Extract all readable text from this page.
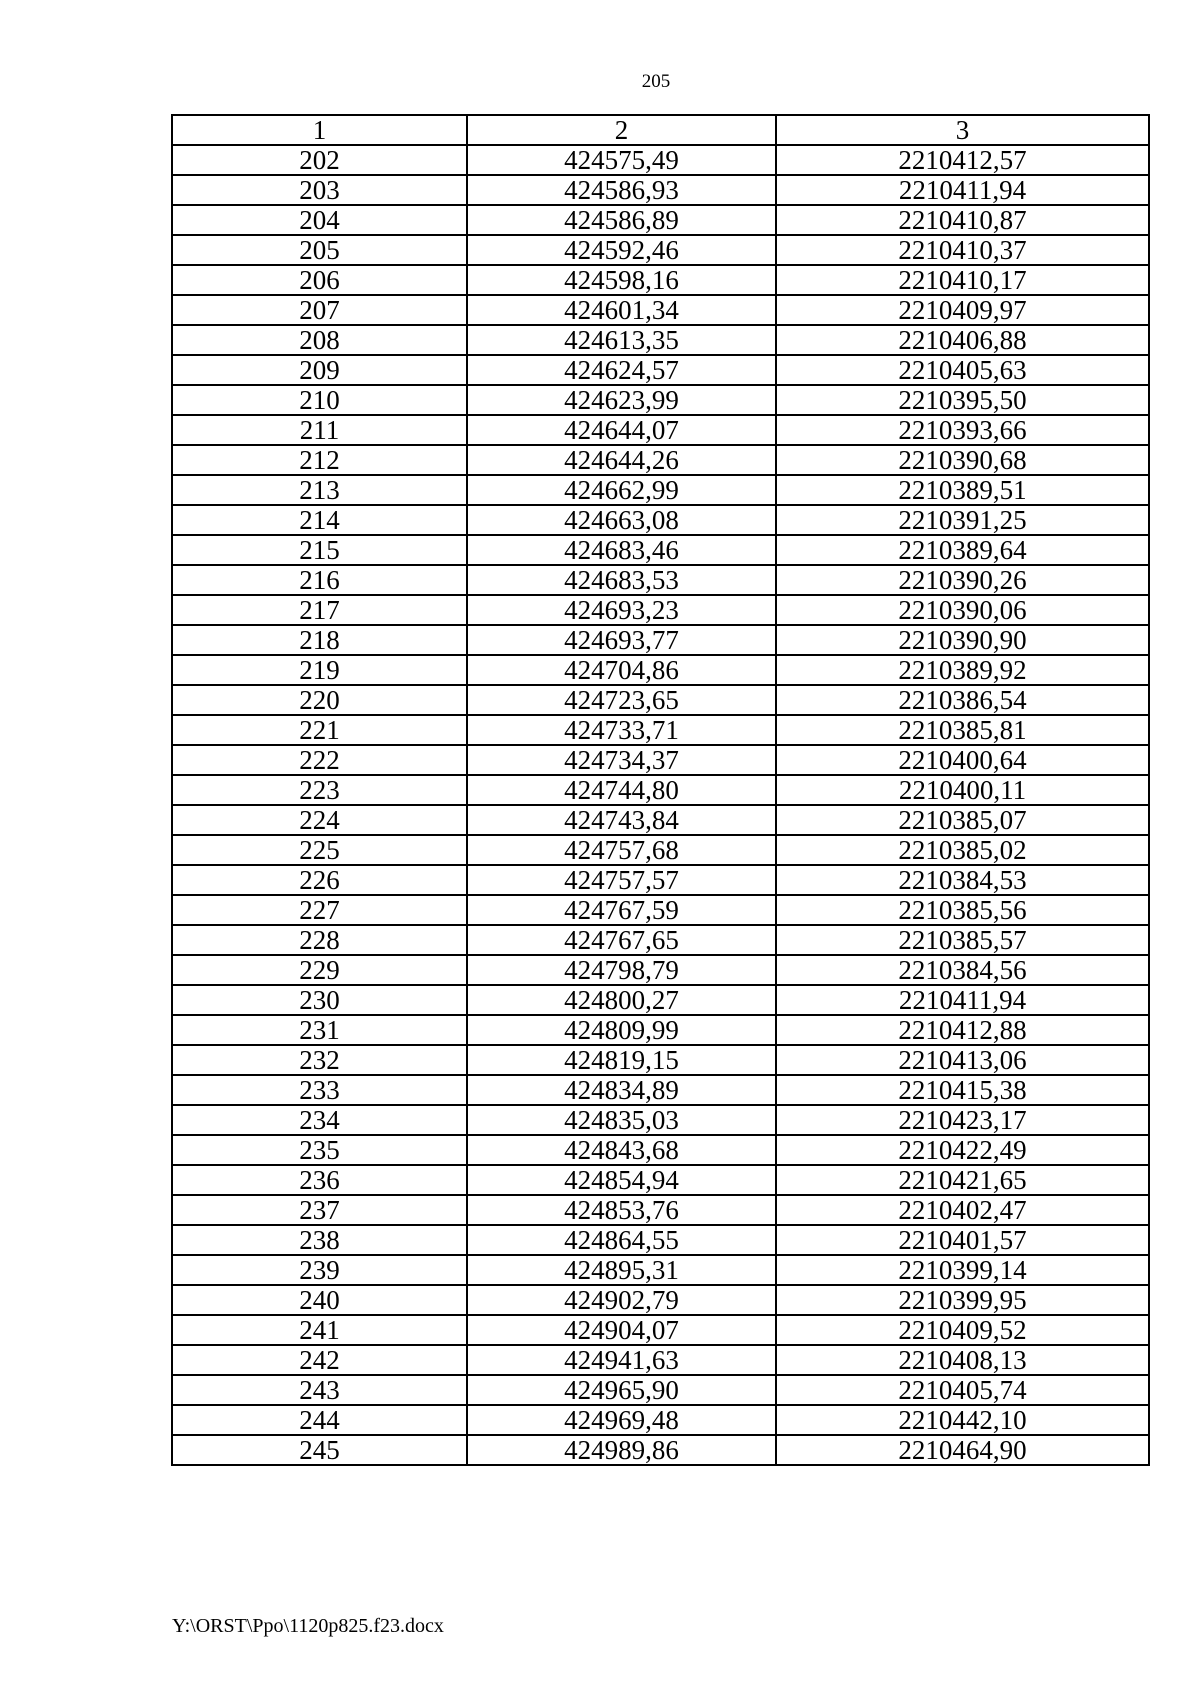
205
1	2	3
202	424575,49	2210412,57
203	424586,93	2210411,94
204	424586,89	2210410,87
205	424592,46	2210410,37
206	424598,16	2210410,17
207	424601,34	2210409,97
208	424613,35	2210406,88
209	424624,57	2210405,63
210	424623,99	2210395,50
211	424644,07	2210393,66
212	424644,26	2210390,68
213	424662,99	2210389,51
214	424663,08	2210391,25
215	424683,46	2210389,64
216	424683,53	2210390,26
217	424693,23	2210390,06
218	424693,77	2210390,90
219	424704,86	2210389,92
220	424723,65	2210386,54
221	424733,71	2210385,81
222	424734,37	2210400,64
223	424744,80	2210400,11
224	424743,84	2210385,07
225	424757,68	2210385,02
226	424757,57	2210384,53
227	424767,59	2210385,56
228	424767,65	2210385,57
229	424798,79	2210384,56
230	424800,27	2210411,94
231	424809,99	2210412,88
232	424819,15	2210413,06
233	424834,89	2210415,38
234	424835,03	2210423,17
235	424843,68	2210422,49
236	424854,94	2210421,65
237	424853,76	2210402,47
238	424864,55	2210401,57
239	424895,31	2210399,14
240	424902,79	2210399,95
241	424904,07	2210409,52
242	424941,63	2210408,13
243	424965,90	2210405,74
244	424969,48	2210442,10
245	424989,86	2210464,90
Y:\ORST\Ppo\1120p825.f23.docx
